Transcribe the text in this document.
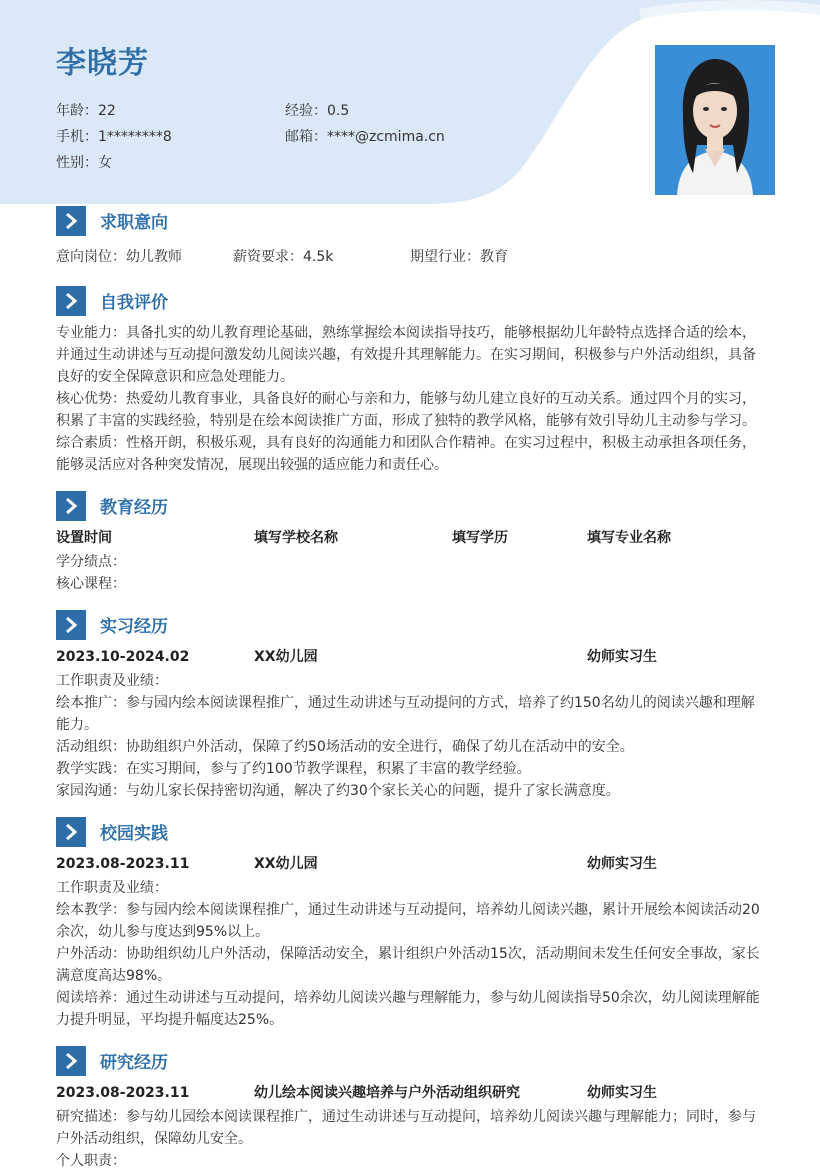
李晓芳
年龄：22	经验：0.5
手机：1********8	邮箱：****@zcmima.cn
性别：女
求职意向
意向岗位：幼儿教师	薪资要求：4.5k	期望行业：教育
自我评价
专业能力：具备扎实的幼儿教育理论基础，熟练掌握绘本阅读指导技巧，能够根据幼儿年龄特点选择合适的绘本，并通过生动讲述与互动提问激发幼儿阅读兴趣，有效提升其理解能力。在实习期间，积极参与户外活动组织，具备良好的安全保障意识和应急处理能力。
核心优势：热爱幼儿教育事业，具备良好的耐心与亲和力，能够与幼儿建立良好的互动关系。通过四个月的实习，积累了丰富的实践经验，特别是在绘本阅读推广方面，形成了独特的教学风格，能够有效引导幼儿主动参与学习。
综合素质：性格开朗，积极乐观，具有良好的沟通能力和团队合作精神。在实习过程中，积极主动承担各项任务，能够灵活应对各种突发情况，展现出较强的适应能力和责任心。
教育经历
设置时间	填写学校名称	填写学历	填写专业名称
学分绩点：
核心课程：
实习经历
2023.10-2024.02	XX幼儿园	幼师实习生
工作职责及业绩：
绘本推广：参与园内绘本阅读课程推广，通过生动讲述与互动提问的方式，培养了约150名幼儿的阅读兴趣和理解能力。
活动组织：协助组织户外活动，保障了约50场活动的安全进行，确保了幼儿在活动中的安全。
教学实践：在实习期间，参与了约100节教学课程，积累了丰富的教学经验。
家园沟通：与幼儿家长保持密切沟通，解决了约30个家长关心的问题，提升了家长满意度。
校园实践
2023.08-2023.11	XX幼儿园	幼师实习生
工作职责及业绩：
绘本教学：参与园内绘本阅读课程推广，通过生动讲述与互动提问，培养幼儿阅读兴趣，累计开展绘本阅读活动20余次，幼儿参与度达到95%以上。
户外活动：协助组织幼儿户外活动，保障活动安全，累计组织户外活动15次，活动期间未发生任何安全事故，家长满意度高达98%。
阅读培养：通过生动讲述与互动提问，培养幼儿阅读兴趣与理解能力，参与幼儿阅读指导50余次，幼儿阅读理解能力提升明显，平均提升幅度达25%。
研究经历
2023.08-2023.11	幼儿绘本阅读兴趣培养与户外活动组织研究	幼师实习生
研究描述：参与幼儿园绘本阅读课程推广，通过生动讲述与互动提问，培养幼儿阅读兴趣与理解能力；同时，参与户外活动组织，保障幼儿安全。
个人职责：
